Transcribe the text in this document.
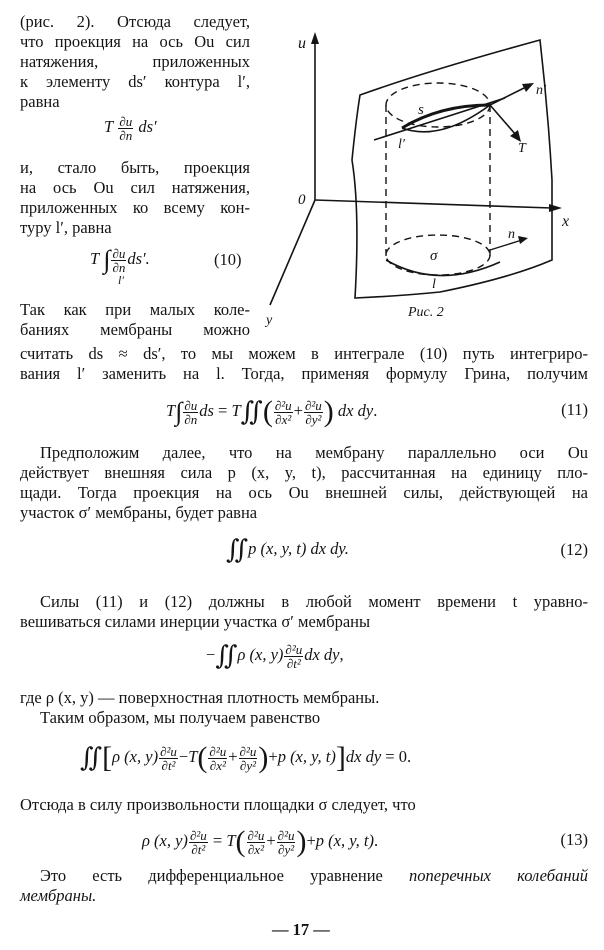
(рис. 2). Отсюда следует,
что проекция на ось Ou сил
натяжения, приложенных
к элементу ds′ контура l′,
равна
T $\frac{\partial u}{\partial n} ds'$
и, стало быть, проекция
на ось Ou сил натяжения,
приложенных ко всему кон-
туру l′, равна
T ∫ $\frac{\partial u}{\partial n} ds'$.
l′
(10)
Так как при малых коле-
баниях мембраны можно
u
x
y
0
s
l′
n′
T
σ
n
l
Рис. 2
считать ds ≈ ds′, то мы можем в интеграле (10) путь интегриро-
вания l′ заменить на l. Тогда, применяя формулу Грина, получим
$T\int \frac{\partial u}{\partial n}$ ds = T∬( $\frac{\text{∂²u}}{\text{∂x²}} + \frac{\text{∂²u}}{\text{∂y²}}$ ) dx dy.	(11)
Предположим далее, что на мембрану параллельно оси Ou
действует внешняя сила p (x, y, t), рассчитанная на единицу пло-
щади. Тогда проекция на ось Ou внешней силы, действующей на
участок σ′ мембраны, будет равна
∬p (x, y, t) dx dy.	(12)
Силы (11) и (12) должны в любой момент времени t уравно-
вешиваться силами инерции участка σ′ мембраны
−∬ρ (x, $y) \frac{\text{∂²u}}{\text{∂t²}}$ dx dy,
где ρ (x, y) — поверхностная плотность мембраны.
Таким образом, мы получаем равенство
∬[ρ (x, $y) \frac{\text{∂²u}}{\text{∂t²}} -T( \frac{\text{∂²u}}{\text{∂x²}} + \frac{\text{∂²u}}{\text{∂y²}} )+p$ (x, y, t)]dx dy = 0.
Отсюда в силу произвольности площадки σ следует, что
ρ (x, $y) \frac{\text{∂²u}}{\text{∂t²}} = T( \frac{\text{∂²u}}{\text{∂x²}} + \frac{\text{∂²u}}{\text{∂y²}} )+p$ (x, y, t).	(13)
Это есть дифференциальное уравнение поперечных колебаний
мембраны.
— 17 —
